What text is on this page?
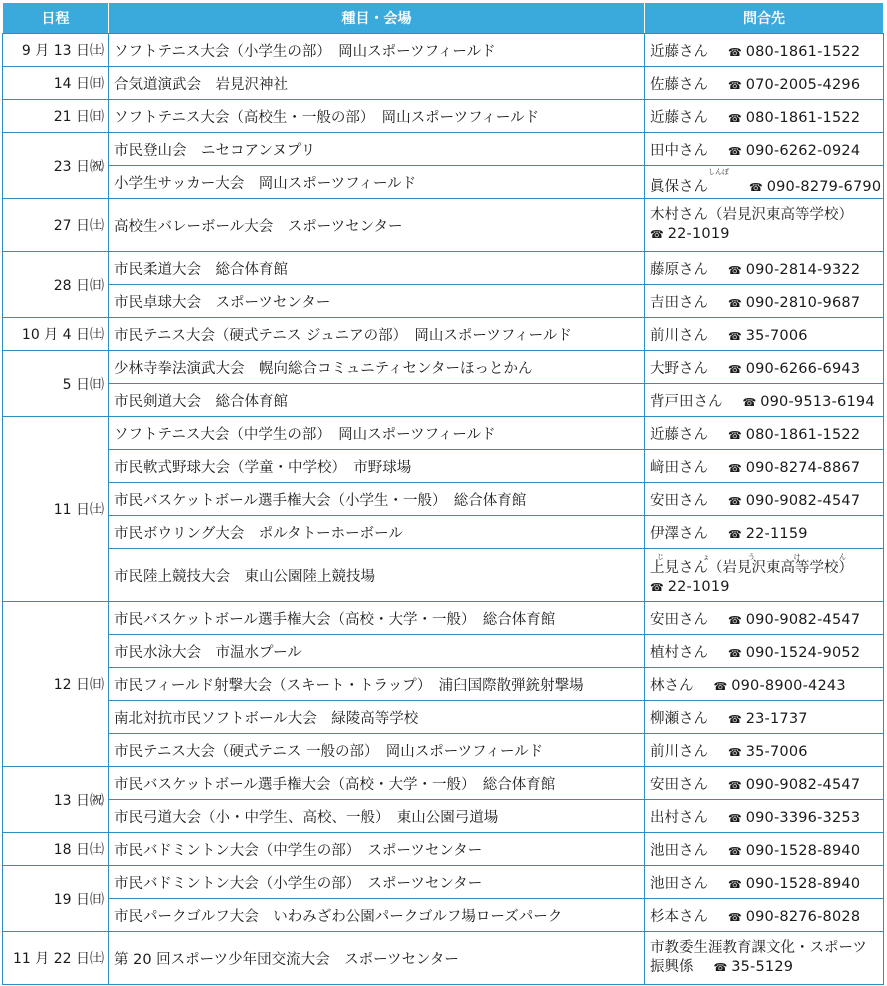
日程	種目・会場	問合先
9 月 13 日㈯	ソフトテニス大会（小学生の部）　岡山スポーツフィールド	近藤さん ☎ 080-1861-1522
14 日㈰	合気道演武会　岩見沢神社	佐藤さん ☎ 070-2005-4296
21 日㈰	ソフトテニス大会（高校生・一般の部）　岡山スポーツフィールド	近藤さん ☎ 080-1861-1522
23 日㈷	市民登山会　ニセコアンヌプリ	田中さん ☎ 090-6262-0924
	小学生サッカー大会　岡山スポーツフィールド	眞保さんしんぼ☎ 090-8279-6790
27 日㈯	高校生バレーボール大会　スポーツセンター	木村さん（岩見沢東高等学校）
☎ 22-1019
28 日㈰	市民柔道大会　総合体育館	藤原さん ☎ 090-2814-9322
	市民卓球大会　スポーツセンター	吉田さん ☎ 090-2810-9687
10 月 4 日㈯	市民テニス大会（硬式テニス ジュニアの部）　岡山スポーツフィールド	前川さん ☎ 35-7006
5 日㈰	少林寺拳法演武大会　幌向総合コミュニティセンターほっとかん	大野さん ☎ 090-6266-6943
	市民剣道大会　総合体育館	背戸田さん ☎ 090-9513-6194
11 日㈯	ソフトテニス大会（中学生の部）　岡山スポーツフィールド	近藤さん ☎ 080-1861-1522
	市民軟式野球大会（学童・中学校）　市野球場	﨑田さん ☎ 090-8274-8867
	市民バスケットボール選手権大会（小学生・一般）　総合体育館	安田さん ☎ 090-9082-4547
	市民ボウリング大会　ポルタトーホーボール	伊澤さん ☎ 22-1159
	市民陸上競技大会　東山公園陸上競技場	上見さん（岩見沢東高等学校）じょうけん
☎ 22-1019
12 日㈰	市民バスケットボール選手権大会（高校・大学・一般）　総合体育館	安田さん ☎ 090-9082-4547
	市民水泳大会　市温水プール	植村さん ☎ 090-1524-9052
	市民フィールド射撃大会（スキート・トラップ）　浦臼国際散弾銃射撃場	林さん ☎ 090-8900-4243
	南北対抗市民ソフトボール大会　緑陵高等学校	柳瀬さん ☎ 23-1737
	市民テニス大会（硬式テニス 一般の部）　岡山スポーツフィールド	前川さん ☎ 35-7006
13 日㈷	市民バスケットボール選手権大会（高校・大学・一般）　総合体育館	安田さん ☎ 090-9082-4547
	市民弓道大会（小・中学生、高校、一般）　東山公園弓道場	出村さん ☎ 090-3396-3253
18 日㈯	市民バドミントン大会（中学生の部）　スポーツセンター	池田さん ☎ 090-1528-8940
19 日㈰	市民バドミントン大会（小学生の部）　スポーツセンター	池田さん ☎ 090-1528-8940
	市民パークゴルフ大会　いわみざわ公園パークゴルフ場ローズパーク	杉本さん ☎ 090-8276-8028
11 月 22 日㈯	第 20 回スポーツ少年団交流大会　スポーツセンター	市教委生涯教育課文化・スポーツ振興係 ☎ 35-5129
